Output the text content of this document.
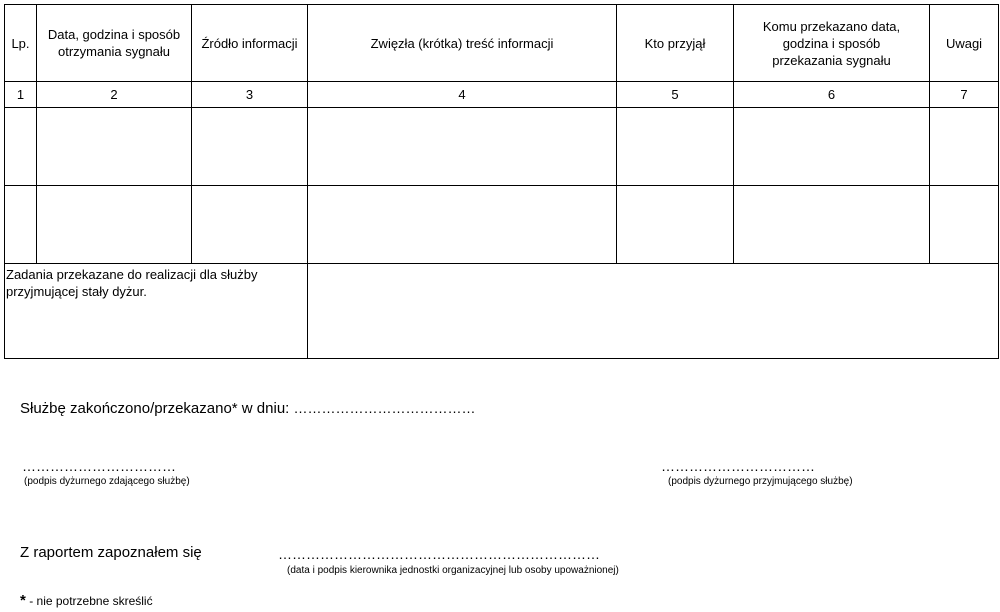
Lp.	Data, godzina i sposób otrzymania sygnału	Źródło informacji	Zwięzła (krótka) treść informacji	Kto przyjął	Komu przekazano data, godzina i sposób przekazania sygnału	Uwagi
1	2	3	4	5	6	7

Zadania przekazane do realizacji dla służby przyjmującej stały dyżur.						

Służbę zakończono/przekazano* w dniu: …………………………………
……………………………
(podpis dyżurnego zdającego służbę)
……………………………
(podpis dyżurnego przyjmującego służbę)
Z raportem zapoznałem się	……………………………………………………………
(data i podpis kierownika jednostki organizacyjnej lub osoby upoważnionej)
* - nie potrzebne skreślić
